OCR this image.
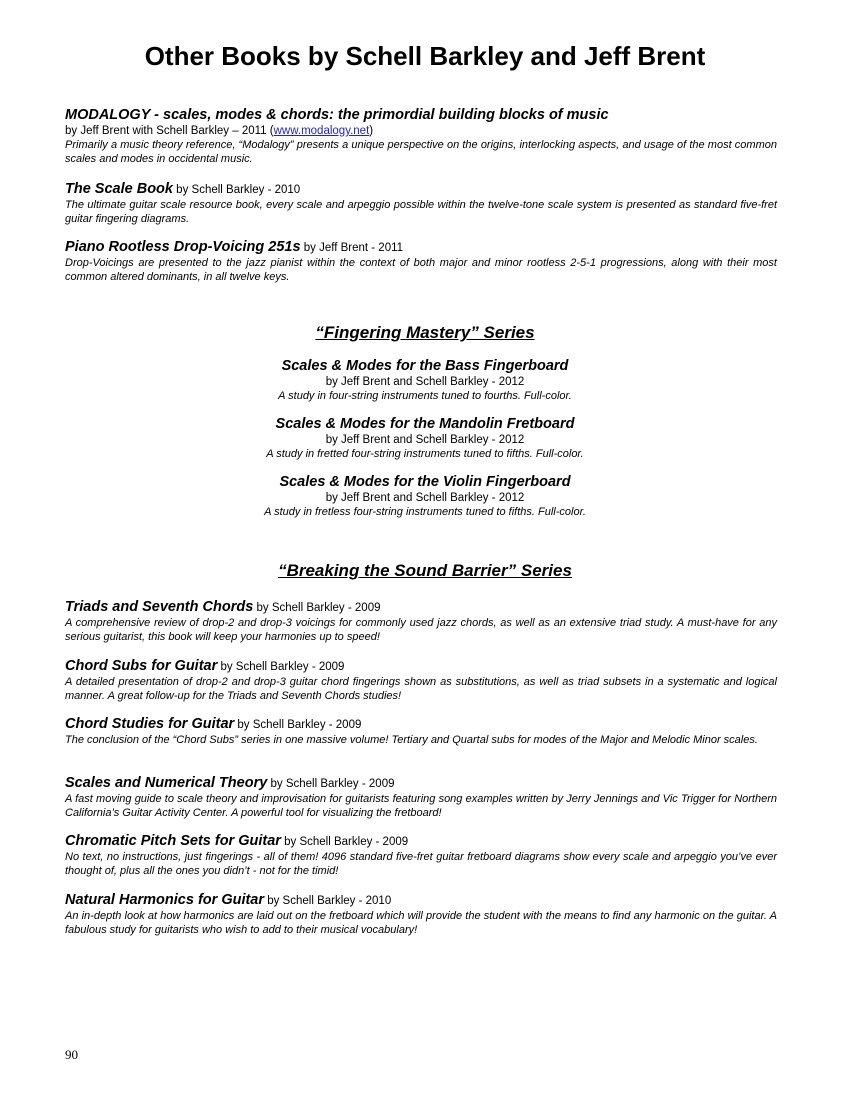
Other Books by Schell Barkley and Jeff Brent
MODALOGY - scales, modes & chords: the primordial building blocks of music
by Jeff Brent with Schell Barkley – 2011 (www.modalogy.net)

Primarily a music theory reference, “Modalogy” presents a unique perspective on the origins, interlocking aspects, and usage of the most common scales and modes in occidental music.

The Scale Book by Schell Barkley - 2010

The ultimate guitar scale resource book, every scale and arpeggio possible within the twelve-tone scale system is presented as standard five-fret guitar fingering diagrams.

Piano Rootless Drop-Voicing 251s by Jeff Brent - 2011

Drop-Voicings are presented to the jazz pianist within the context of both major and minor rootless 2-5-1 progressions, along with their most common altered dominants, in all twelve keys.

“Fingering Mastery” Series
Scales & Modes for the Bass Fingerboard
by Jeff Brent and Schell Barkley - 2012
A study in four-string instruments tuned to fourths. Full-color.
Scales & Modes for the Mandolin Fretboard
by Jeff Brent and Schell Barkley - 2012
A study in fretted four-string instruments tuned to fifths. Full-color.
Scales & Modes for the Violin Fingerboard
by Jeff Brent and Schell Barkley - 2012
A study in fretless four-string instruments tuned to fifths. Full-color.
“Breaking the Sound Barrier” Series
Triads and Seventh Chords by Schell Barkley - 2009

A comprehensive review of drop-2 and drop-3 voicings for commonly used jazz chords, as well as an extensive triad study. A must-have for any serious guitarist, this book will keep your harmonies up to speed!

Chord Subs for Guitar by Schell Barkley - 2009

A detailed presentation of drop-2 and drop-3 guitar chord fingerings shown as substitutions, as well as triad subsets in a systematic and logical manner. A great follow-up for the Triads and Seventh Chords studies!

Chord Studies for Guitar by Schell Barkley - 2009

The conclusion of the “Chord Subs” series in one massive volume! Tertiary and Quartal subs for modes of the Major and Melodic Minor scales.

Scales and Numerical Theory by Schell Barkley - 2009

A fast moving guide to scale theory and improvisation for guitarists featuring song examples written by Jerry Jennings and Vic Trigger for Northern California’s Guitar Activity Center. A powerful tool for visualizing the fretboard!

Chromatic Pitch Sets for Guitar by Schell Barkley - 2009

No text, no instructions, just fingerings - all of them! 4096 standard five-fret guitar fretboard diagrams show every scale and arpeggio you’ve ever thought of, plus all the ones you didn’t - not for the timid!

Natural Harmonics for Guitar by Schell Barkley - 2010

An in-depth look at how harmonics are laid out on the fretboard which will provide the student with the means to find any harmonic on the guitar. A fabulous study for guitarists who wish to add to their musical vocabulary!

90
